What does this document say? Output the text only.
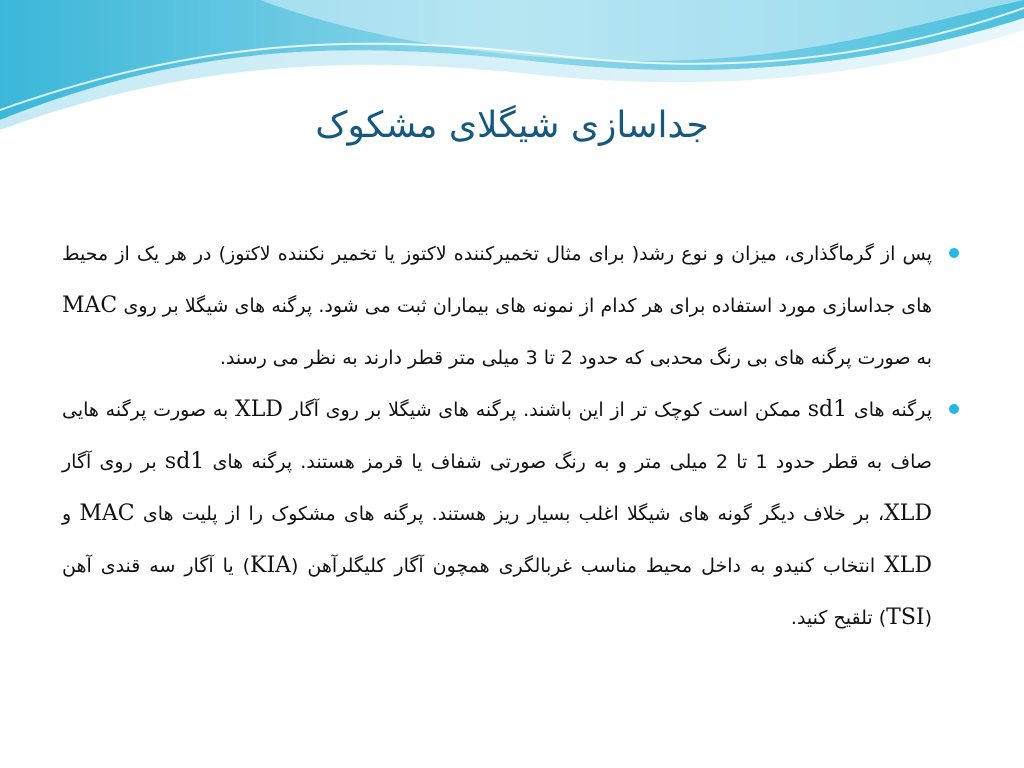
جداسازی شیگلای مشکوک
پس از گرماگذاری، میزان و نوع رشد( برای مثال تخمیرکننده لاکتوز یا تخمیر نکننده لاکتوز) در هر یک از محیط های جداسازی مورد استفاده برای هر کدام از نمونه های بیماران ثبت می شود. پرگنه های شیگلا بر روی MAC به صورت پرگنه های بی رنگ محدبی که حدود 2 تا 3 میلی متر قطر دارند به نظر می رسند.
پرگنه های sd1 ممکن است کوچک تر از این باشند. پرگنه های شیگلا بر روی آگار XLD به صورت پرگنه هایی صاف به قطر حدود 1 تا 2 میلی متر و به رنگ صورتی شفاف یا قرمز هستند. پرگنه های sd1 بر روی آگار XLD، بر خلاف دیگر گونه های شیگلا اغلب بسیار ریز هستند. پرگنه های مشکوک را از پلیت های MAC و XLD انتخاب کنیدو به داخل محیط مناسب غربالگری همچون آگار کلیگلرآهن (KIA) یا آگار سه قندی آهن (TSI) تلقیح کنید.
